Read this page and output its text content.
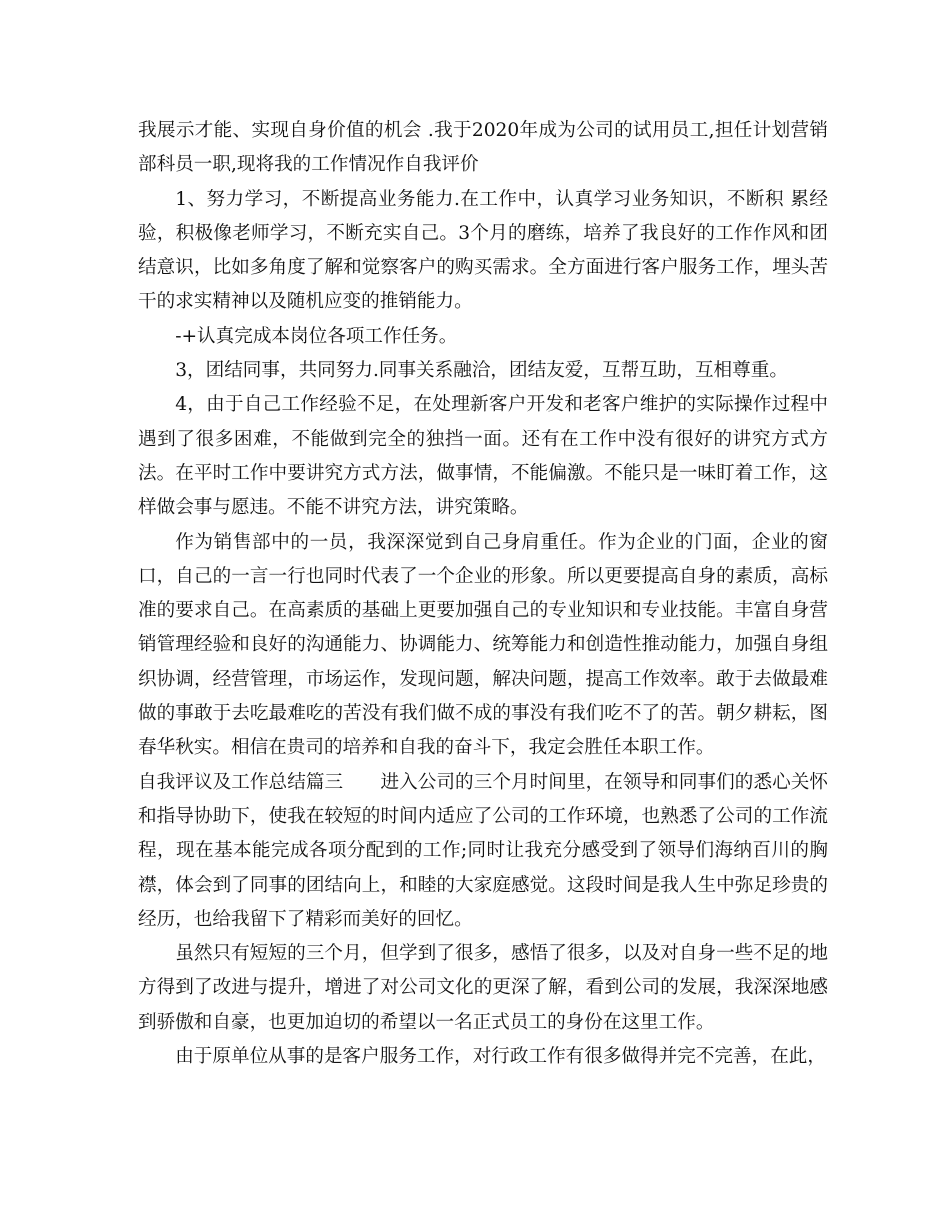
我展示才能、实现自身价值的机会 .我于2020年成为公司的试用员工,担任计划营销部科员一职,现将我的工作情况作自我评价

1、努力学习，不断提高业务能力.在工作中，认真学习业务知识，不断积 累经验，积极像老师学习，不断充实自己。3个月的磨练，培养了我良好的工作作风和团结意识，比如多角度了解和觉察客户的购买需求。全方面进行客户服务工作，埋头苦干的求实精神以及随机应变的推销能力。

-+认真完成本岗位各项工作任务。

3，团结同事，共同努力.同事关系融洽，团结友爱，互帮互助，互相尊重。

4，由于自己工作经验不足，在处理新客户开发和老客户维护的实际操作过程中遇到了很多困难，不能做到完全的独挡一面。还有在工作中没有很好的讲究方式方法。在平时工作中要讲究方式方法，做事情，不能偏激。不能只是一味盯着工作，这样做会事与愿违。不能不讲究方法，讲究策略。

作为销售部中的一员，我深深觉到自己身肩重任。作为企业的门面，企业的窗口，自己的一言一行也同时代表了一个企业的形象。所以更要提高自身的素质，高标准的要求自己。在高素质的基础上更要加强自己的专业知识和专业技能。丰富自身营销管理经验和良好的沟通能力、协调能力、统筹能力和创造性推动能力，加强自身组织协调，经营管理，市场运作，发现问题，解决问题，提高工作效率。敢于去做最难做的事敢于去吃最难吃的苦没有我们做不成的事没有我们吃不了的苦。朝夕耕耘，图春华秋实。相信在贵司的培养和自我的奋斗下，我定会胜任本职工作。

自我评议及工作总结篇三　　进入公司的三个月时间里，在领导和同事们的悉心关怀和指导协助下，使我在较短的时间内适应了公司的工作环境，也熟悉了公司的工作流程，现在基本能完成各项分配到的工作;同时让我充分感受到了领导们海纳百川的胸襟，体会到了同事的团结向上，和睦的大家庭感觉。这段时间是我人生中弥足珍贵的经历，也给我留下了精彩而美好的回忆。

虽然只有短短的三个月，但学到了很多，感悟了很多，以及对自身一些不足的地方得到了改进与提升，增进了对公司文化的更深了解，看到公司的发展，我深深地感到骄傲和自豪，也更加迫切的希望以一名正式员工的身份在这里工作。

由于原单位从事的是客户服务工作，对行政工作有很多做得并完不完善，在此，
